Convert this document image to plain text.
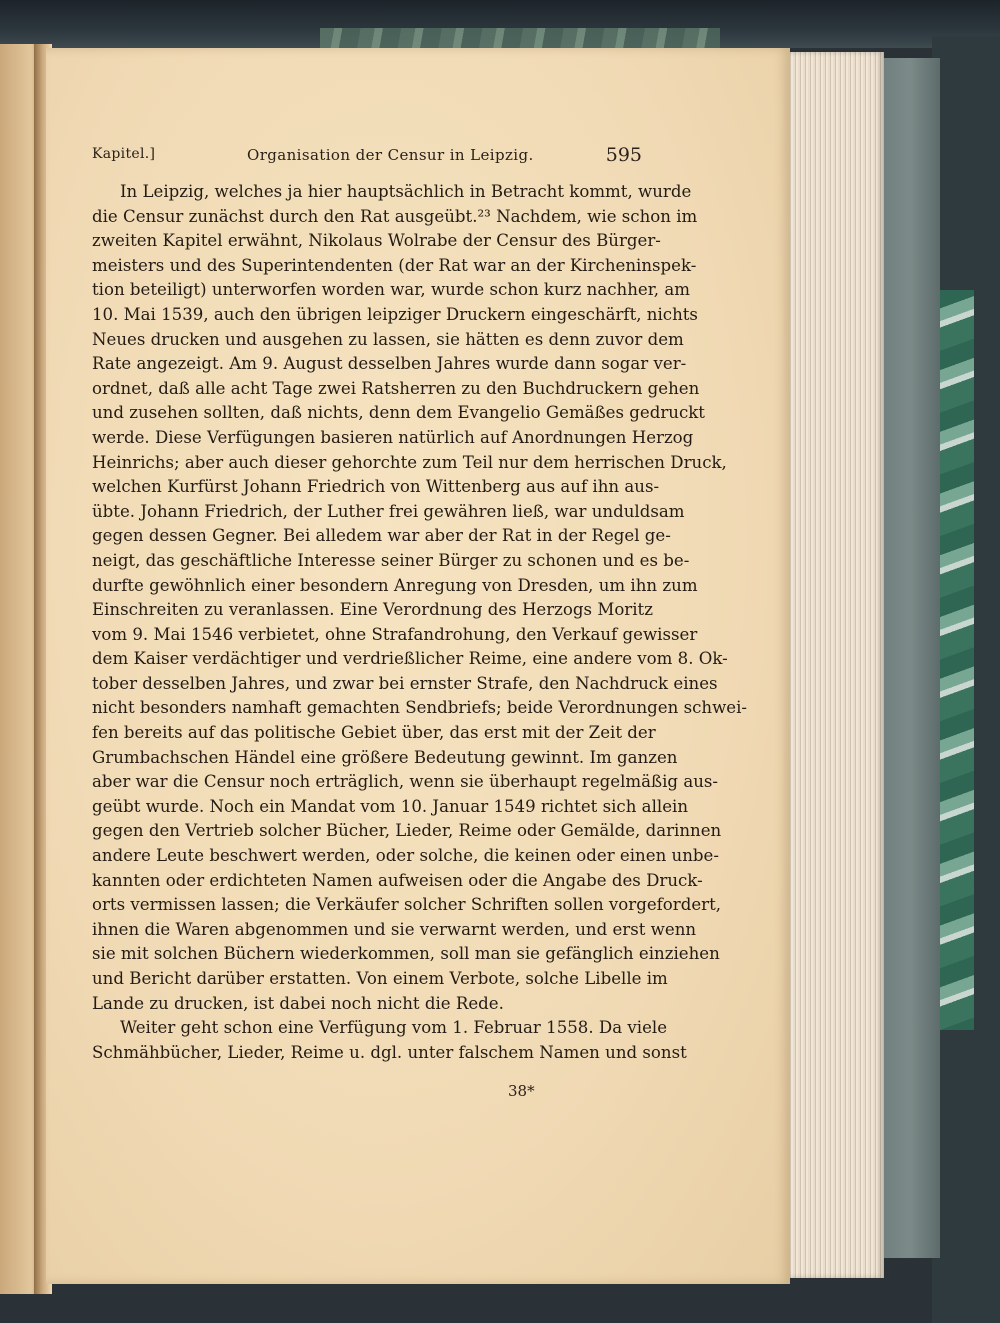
Kapitel.]	Organisation der Censur in Leipzig.	595
In Leipzig, welches ja hier hauptsächlich in Betracht kommt, wurde
die Censur zunächst durch den Rat ausgeübt.²³ Nachdem, wie schon im
zweiten Kapitel erwähnt, Nikolaus Wolrabe der Censur des Bürger-
meisters und des Superintendenten (der Rat war an der Kircheninspek-
tion beteiligt) unterworfen worden war, wurde schon kurz nachher, am
10. Mai 1539, auch den übrigen leipziger Druckern eingeschärft, nichts
Neues drucken und ausgehen zu lassen, sie hätten es denn zuvor dem
Rate angezeigt. Am 9. August desselben Jahres wurde dann sogar ver-
ordnet, daß alle acht Tage zwei Ratsherren zu den Buchdruckern gehen
und zusehen sollten, daß nichts, denn dem Evangelio Gemäßes gedruckt
werde. Diese Verfügungen basieren natürlich auf Anordnungen Herzog
Heinrichs; aber auch dieser gehorchte zum Teil nur dem herrischen Druck,
welchen Kurfürst Johann Friedrich von Wittenberg aus auf ihn aus-
übte. Johann Friedrich, der Luther frei gewähren ließ, war unduldsam
gegen dessen Gegner. Bei alledem war aber der Rat in der Regel ge-
neigt, das geschäftliche Interesse seiner Bürger zu schonen und es be-
durfte gewöhnlich einer besondern Anregung von Dresden, um ihn zum
Einschreiten zu veranlassen. Eine Verordnung des Herzogs Moritz
vom 9. Mai 1546 verbietet, ohne Strafandrohung, den Verkauf gewisser
dem Kaiser verdächtiger und verdrießlicher Reime, eine andere vom 8. Ok-
tober desselben Jahres, und zwar bei ernster Strafe, den Nachdruck eines
nicht besonders namhaft gemachten Sendbriefs; beide Verordnungen schwei-
fen bereits auf das politische Gebiet über, das erst mit der Zeit der
Grumbachschen Händel eine größere Bedeutung gewinnt. Im ganzen
aber war die Censur noch erträglich, wenn sie überhaupt regelmäßig aus-
geübt wurde. Noch ein Mandat vom 10. Januar 1549 richtet sich allein
gegen den Vertrieb solcher Bücher, Lieder, Reime oder Gemälde, darinnen
andere Leute beschwert werden, oder solche, die keinen oder einen unbe-
kannten oder erdichteten Namen aufweisen oder die Angabe des Druck-
orts vermissen lassen; die Verkäufer solcher Schriften sollen vorgefordert,
ihnen die Waren abgenommen und sie verwarnt werden, und erst wenn
sie mit solchen Büchern wiederkommen, soll man sie gefänglich einziehen
und Bericht darüber erstatten. Von einem Verbote, solche Libelle im
Lande zu drucken, ist dabei noch nicht die Rede.
Weiter geht schon eine Verfügung vom 1. Februar 1558. Da viele
Schmähbücher, Lieder, Reime u. dgl. unter falschem Namen und sonst
38*
